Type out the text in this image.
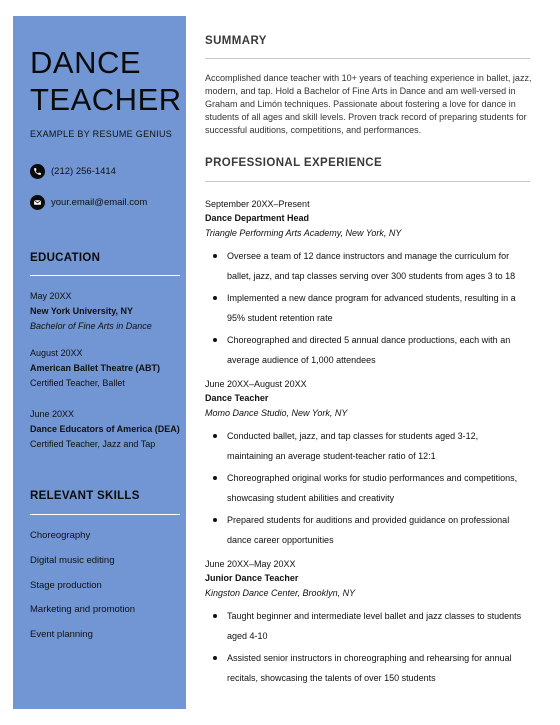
DANCE
TEACHER
EXAMPLE BY RESUME GENIUS
(212) 256-1414
your.email@email.com
EDUCATION
May 20XX
New York University, NY
Bachelor of Fine Arts in Dance
August 20XX
American Ballet Theatre (ABT)
Certified Teacher, Ballet
June 20XX
Dance Educators of America (DEA)
Certified Teacher, Jazz and Tap
RELEVANT SKILLS
Choreography
Digital music editing
Stage production
Marketing and promotion
Event planning
SUMMARY

Accomplished dance teacher with 10+ years of teaching experience in ballet, jazz, modern, and tap. Hold a Bachelor of Fine Arts in Dance and am well-versed in Graham and Limón techniques. Passionate about fostering a love for dance in students of all ages and skill levels. Proven track record of preparing students for successful auditions, competitions, and performances.

PROFESSIONAL EXPERIENCE
September 20XX–Present
Dance Department Head
Triangle Performing Arts Academy, New York, NY
Oversee a team of 12 dance instructors and manage the curriculum for ballet, jazz, and tap classes serving over 300 students from ages 3 to 18
Implemented a new dance program for advanced students, resulting in a 95% student retention rate
Choreographed and directed 5 annual dance productions, each with an average audience of 1,000 attendees
June 20XX–August 20XX
Dance Teacher
Momo Dance Studio, New York, NY
Conducted ballet, jazz, and tap classes for students aged 3-12, maintaining an average student-teacher ratio of 12:1
Choreographed original works for studio performances and competitions, showcasing student abilities and creativity
Prepared students for auditions and provided guidance on professional dance career opportunities
June 20XX–May 20XX
Junior Dance Teacher
Kingston Dance Center, Brooklyn, NY
Taught beginner and intermediate level ballet and jazz classes to students aged 4-10
Assisted senior instructors in choreographing and rehearsing for annual recitals, showcasing the talents of over 150 students
